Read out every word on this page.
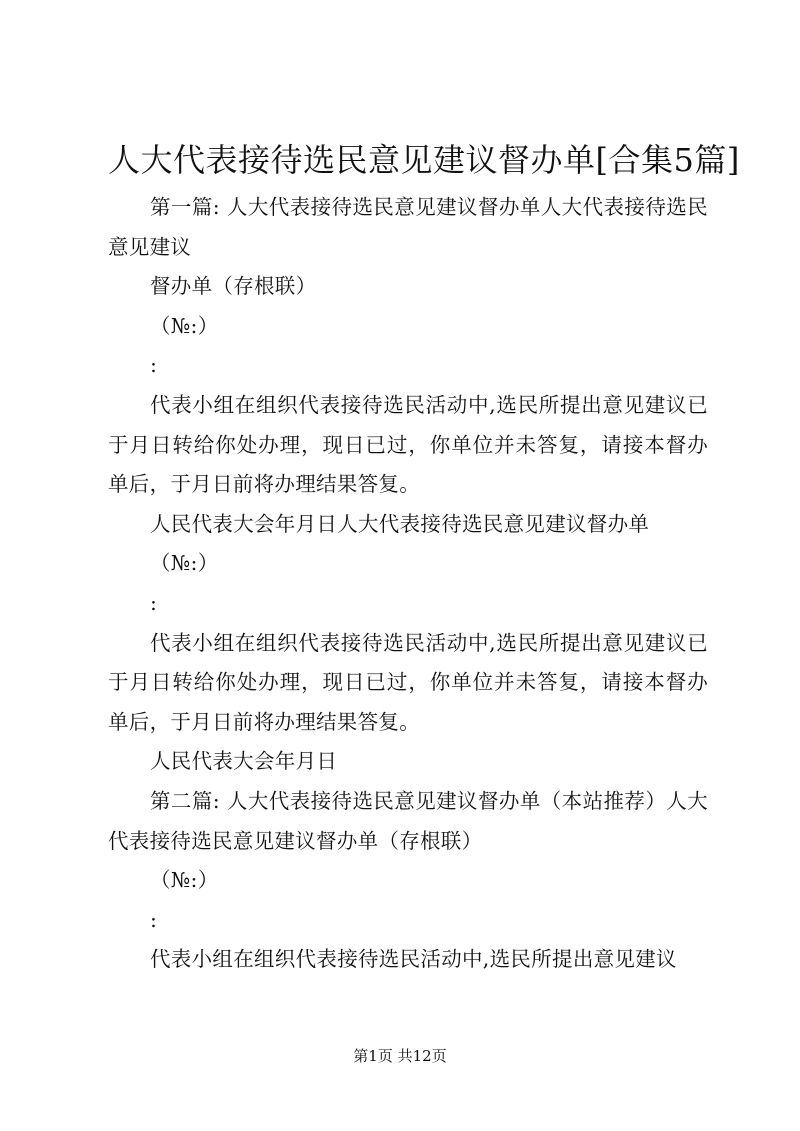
人大代表接待选民意见建议督办单[合集5篇]

第一篇: 人大代表接待选民意见建议督办单人大代表接待选民意见建议

督办单（存根联）

（№:）

:

代表小组在组织代表接待选民活动中,选民所提出意见建议已于月日转给你处办理，现日已过，你单位并未答复，请接本督办单后，于月日前将办理结果答复。

人民代表大会年月日人大代表接待选民意见建议督办单

（№:）

:

代表小组在组织代表接待选民活动中,选民所提出意见建议已于月日转给你处办理，现日已过，你单位并未答复，请接本督办单后，于月日前将办理结果答复。

人民代表大会年月日

第二篇: 人大代表接待选民意见建议督办单（本站推荐）人大代表接待选民意见建议督办单（存根联）

（№:）

:

代表小组在组织代表接待选民活动中,选民所提出意见建议

第1页 共12页
